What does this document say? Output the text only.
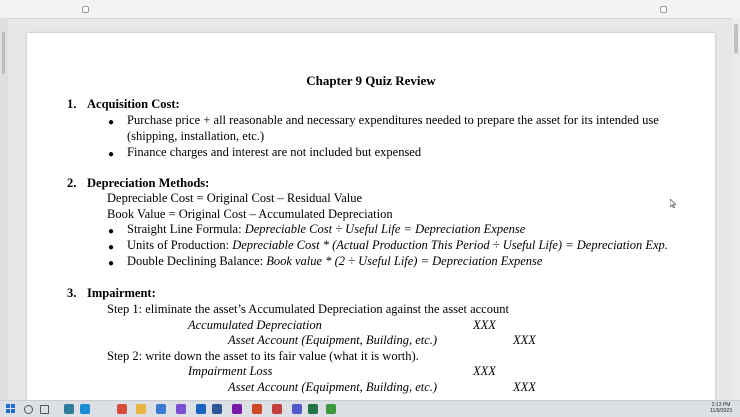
Chapter 9 Quiz Review
1. Acquisition Cost:
● Purchase price + all reasonable and necessary expenditures needed to prepare the asset for its intended use (shipping, installation, etc.)
● Finance charges and interest are not included but expensed
2. Depreciation Methods:
Depreciable Cost = Original Cost – Residual Value
Book Value = Original Cost – Accumulated Depreciation
● Straight Line Formula: Depreciable Cost ÷ Useful Life = Depreciation Expense
● Units of Production: Depreciable Cost * (Actual Production This Period ÷ Useful Life) = Depreciation Exp.
● Double Declining Balance: Book value * (2 ÷ Useful Life) = Depreciation Expense
3. Impairment:
Step 1: eliminate the asset’s Accumulated Depreciation against the asset account
Accumulated Depreciation	XXX
Asset Account (Equipment, Building, etc.)	XXX
Step 2: write down the asset to its fair value (what it is worth).
Impairment Loss	XXX
Asset Account (Equipment, Building, etc.)	XXX
2:13 PM
11/9/2023
